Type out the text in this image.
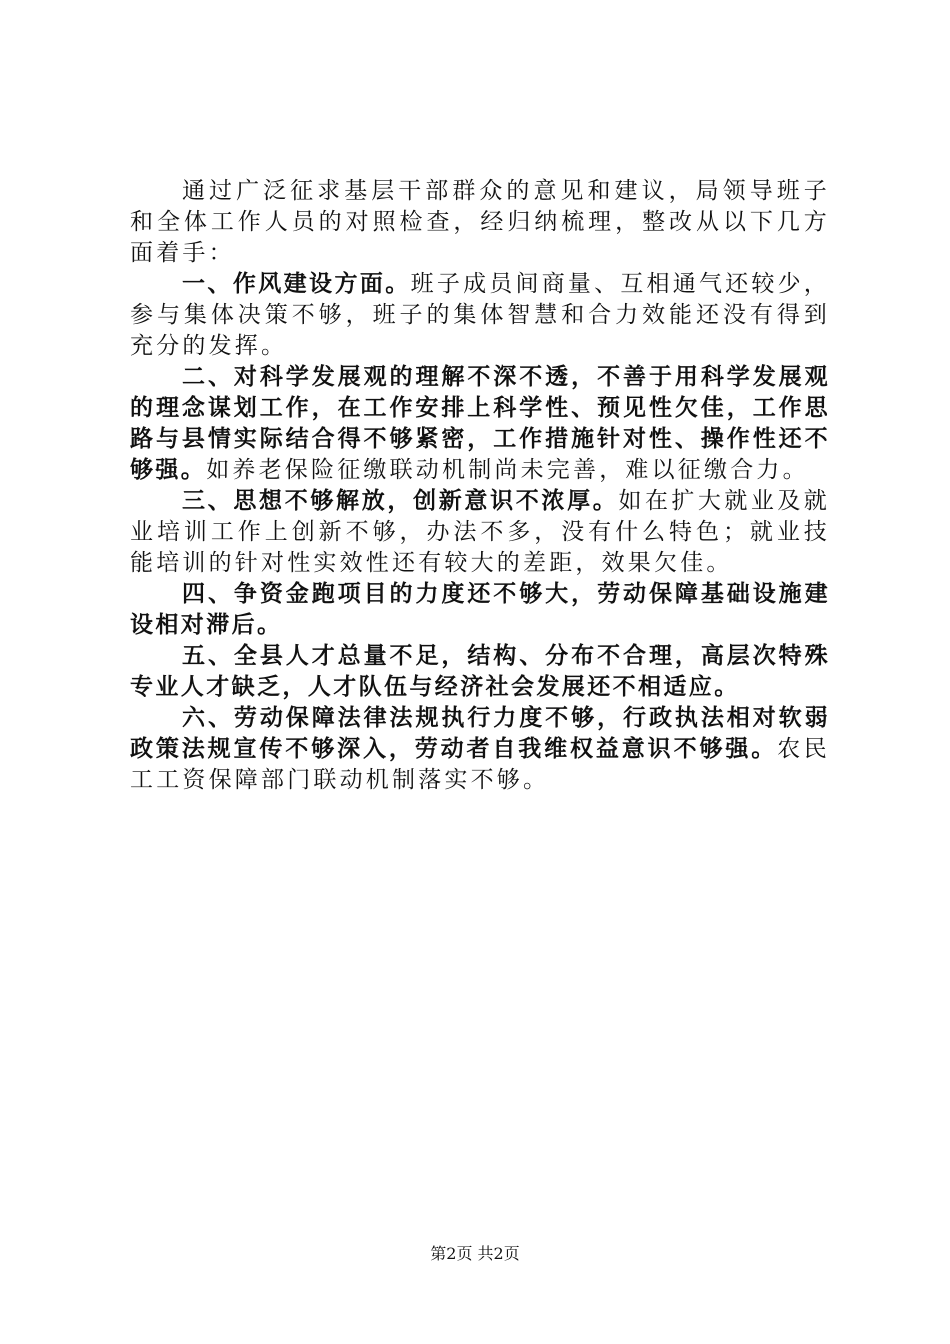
通过广泛征求基层干部群众的意见和建议，局领导班子和全体工作人员的对照检查，经归纳梳理，整改从以下几方面着手：

一、作风建设方面。班子成员间商量、互相通气还较少，参与集体决策不够，班子的集体智慧和合力效能还没有得到充分的发挥。

二、对科学发展观的理解不深不透，不善于用科学发展观的理念谋划工作，在工作安排上科学性、预见性欠佳，工作思路与县情实际结合得不够紧密，工作措施针对性、操作性还不够强。如养老保险征缴联动机制尚未完善，难以征缴合力。

三、思想不够解放，创新意识不浓厚。如在扩大就业及就业培训工作上创新不够，办法不多，没有什么特色；就业技能培训的针对性实效性还有较大的差距，效果欠佳。

四、争资金跑项目的力度还不够大，劳动保障基础设施建设相对滞后。

五、全县人才总量不足，结构、分布不合理，高层次特殊专业人才缺乏，人才队伍与经济社会发展还不相适应。

六、劳动保障法律法规执行力度不够，行政执法相对软弱政策法规宣传不够深入，劳动者自我维权益意识不够强。农民工工资保障部门联动机制落实不够。

第2页 共2页
